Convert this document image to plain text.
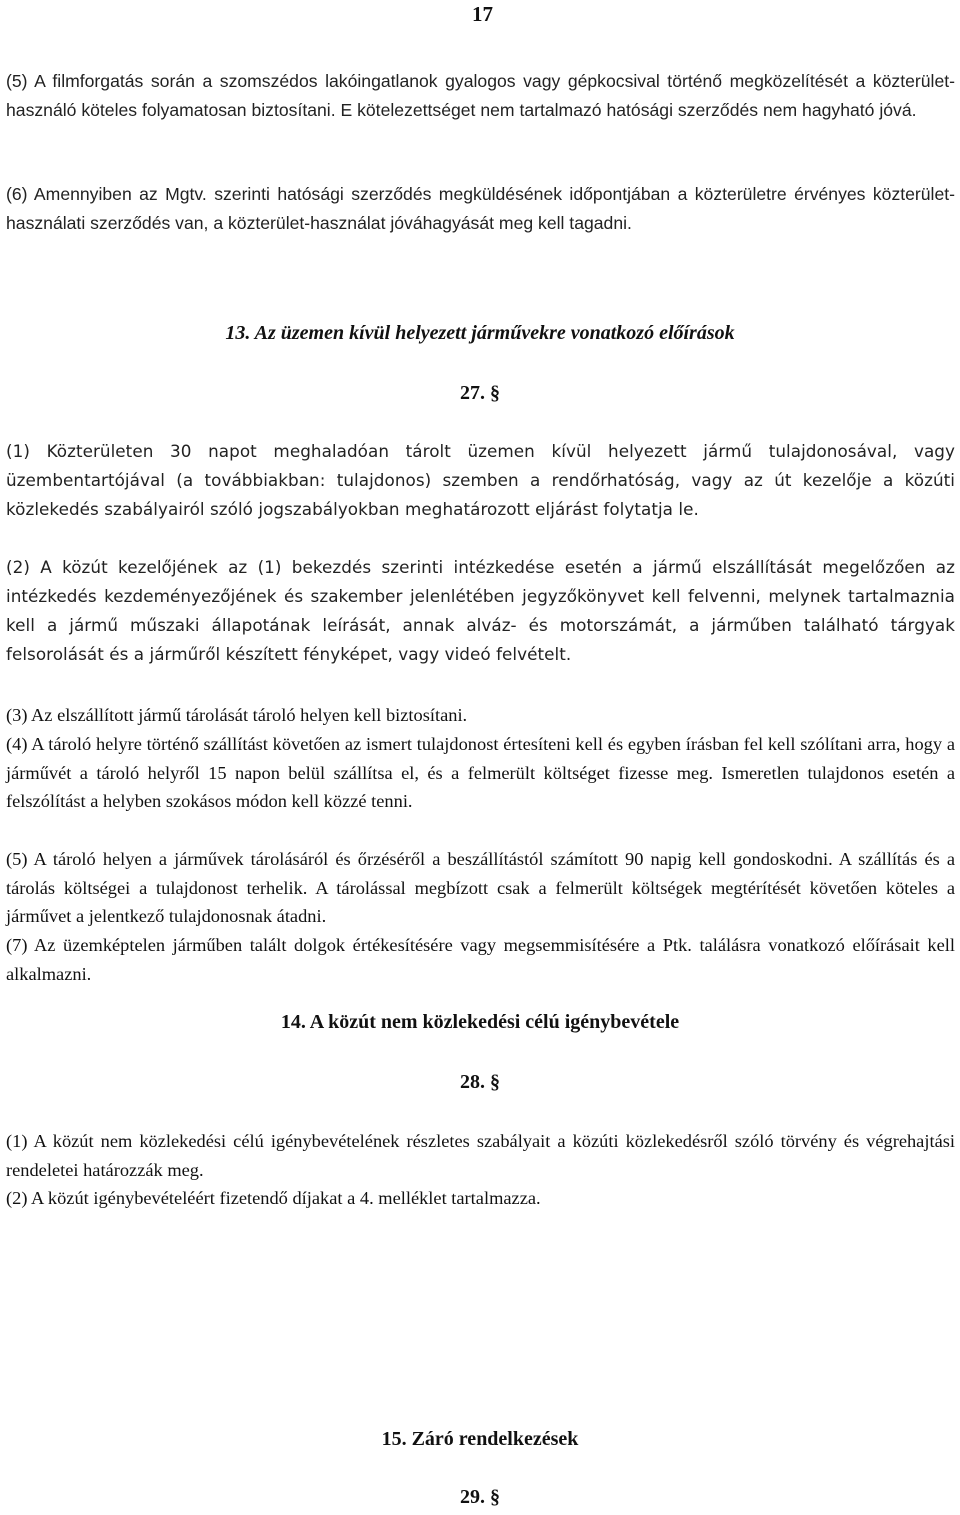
17

(5) A filmforgatás során a szomszédos lakóingatlanok gyalogos vagy gépkocsival történő megközelítését a közterület-használó köteles folyamatosan biztosítani. E kötelezettséget nem tartalmazó hatósági szerződés nem hagyható jóvá.

(6) Amennyiben az Mgtv. szerinti hatósági szerződés megküldésének időpontjában a közterületre érvényes közterület-használati szerződés van, a közterület-használat jóváhagyását meg kell tagadni.

13. Az üzemen kívül helyezett járművekre vonatkozó előírások
27. §

(1) Közterületen 30 napot meghaladóan tárolt üzemen kívül helyezett jármű tulajdonosával, vagy üzembentartójával (a továbbiakban: tulajdonos) szemben a rendőrhatóság, vagy az út kezelője a közúti közlekedés szabályairól szóló jogszabályokban meghatározott eljárást folytatja le.

(2) A közút kezelőjének az (1) bekezdés szerinti intézkedése esetén a jármű elszállítását megelőzően az intézkedés kezdeményezőjének és szakember jelenlétében jegyzőkönyvet kell felvenni, melynek tartalmaznia kell a jármű műszaki állapotának leírását, annak alváz- és motorszámát, a járműben található tárgyak felsorolását és a járműről készített fényképet, vagy videó felvételt.

(3) Az elszállított jármű tárolását tároló helyen kell biztosítani.

(4) A tároló helyre történő szállítást követően az ismert tulajdonost értesíteni kell és egyben írásban fel kell szólítani arra, hogy a járművét a tároló helyről 15 napon belül szállítsa el, és a felmerült költséget fizesse meg. Ismeretlen tulajdonos esetén a felszólítást a helyben szokásos módon kell közzé tenni.

(5) A tároló helyen a járművek tárolásáról és őrzéséről a beszállítástól számított 90 napig kell gondoskodni. A szállítás és a tárolás költségei a tulajdonost terhelik. A tárolással megbízott csak a felmerült költségek megtérítését követően köteles a járművet a jelentkező tulajdonosnak átadni.

(7) Az üzemképtelen járműben talált dolgok értékesítésére vagy megsemmisítésére a Ptk. találásra vonatkozó előírásait kell alkalmazni.

14. A közút nem közlekedési célú igénybevétele
28. §

(1) A közút nem közlekedési célú igénybevételének részletes szabályait a közúti közlekedésről szóló törvény és végrehajtási rendeletei határozzák meg.

(2) A közút igénybevételéért fizetendő díjakat a 4. melléklet tartalmazza.

15. Záró rendelkezések
29. §
